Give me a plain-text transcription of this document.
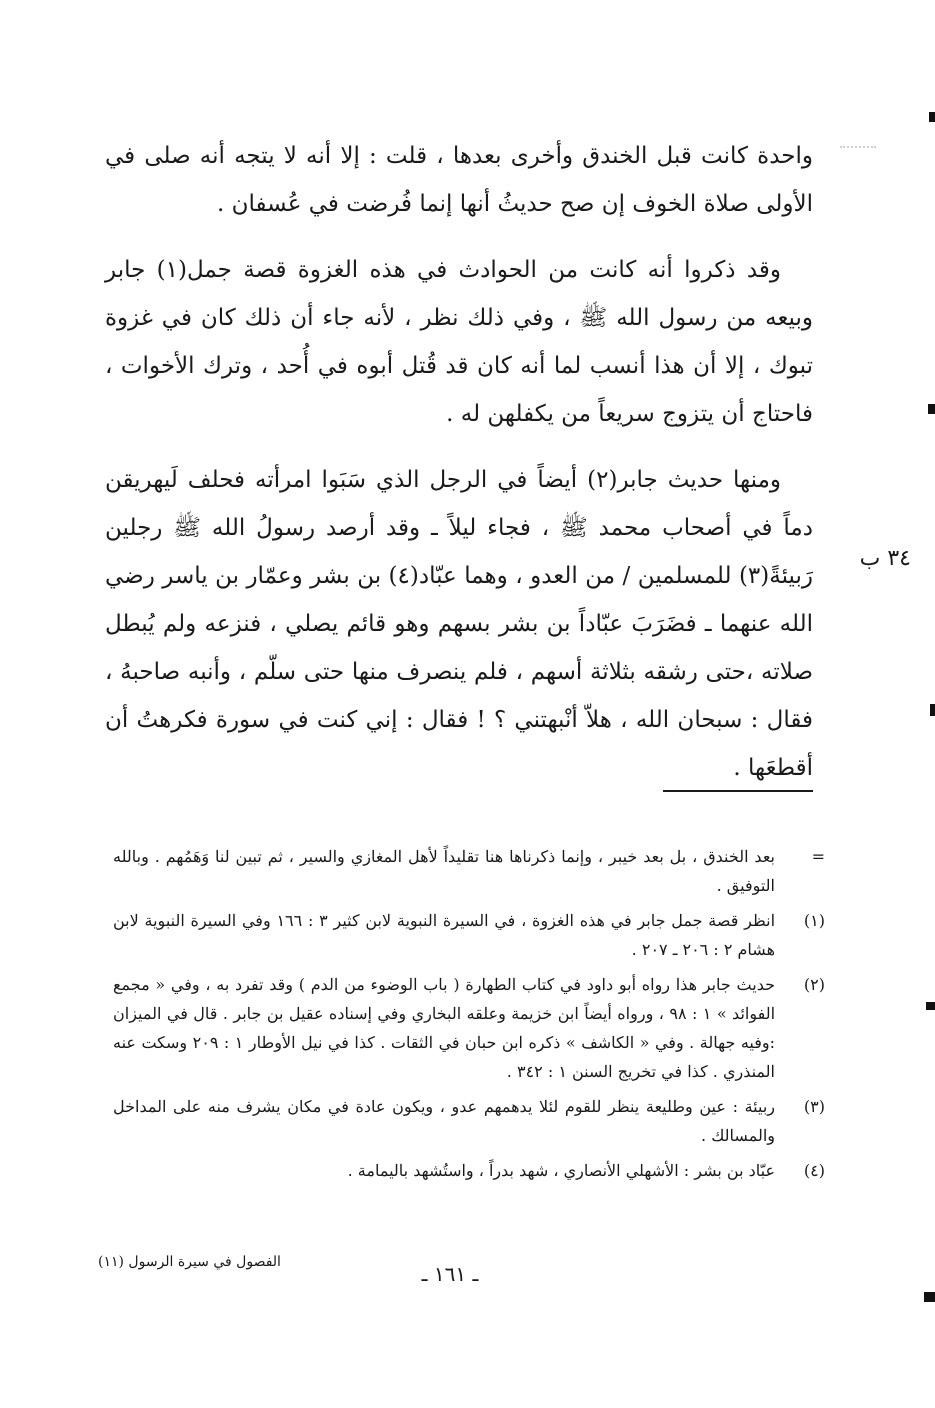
واحدة كانت قبل الخندق وأخرى بعدها ، قلت : إلا أنه لا يتجه أنه صلى في الأولى صلاة الخوف إن صح حديثُ أنها إنما فُرضت في عُسفان .

وقد ذكروا أنه كانت من الحوادث في هذه الغزوة قصة جمل(١) جابر وبيعه من رسول الله ﷺ ، وفي ذلك نظر ، لأنه جاء أن ذلك كان في غزوة تبوك ، إلا أن هذا أنسب لما أنه كان قد قُتل أبوه في أُحد ، وترك الأخوات ، فاحتاج أن يتزوج سريعاً من يكفلهن له .

ومنها حديث جابر(٢) أيضاً في الرجل الذي سَبَوا امرأته فحلف لَيهريقن دماً في أصحاب محمد ﷺ ، فجاء ليلاً ـ وقد أرصد رسولُ الله ﷺ رجلين رَبيئةً(٣) للمسلمين / من العدو ، وهما عبّاد(٤) بن بشر وعمّار بن ياسر رضي الله عنهما ـ فضَرَبَ عبّاداً بن بشر بسهم وهو قائم يصلي ، فنزعه ولم يُبطل صلاته ،حتى رشقه بثلاثة أسهم ، فلم ينصرف منها حتى سلّم ، وأنبه صاحبهُ ، فقال : سبحان الله ، هلاّ أنْبهتني ؟ ! فقال : إني كنت في سورة فكرهتُ أن أقطعَها .

٣٤ ب
=
بعد الخندق ، بل بعد خيبر ، وإنما ذكرناها هنا تقليداً لأهل المغازي والسير ، ثم تبين لنا وَهَمُهم . وبالله التوفيق .
(١)
انظر قصة جمل جابر في هذه الغزوة ، في السيرة النبوية لابن كثير ٣ : ١٦٦ وفي السيرة النبوية لابن هشام ٢ : ٢٠٦ ـ ٢٠٧ .
(٢)
حديث جابر هذا رواه أبو داود في كتاب الطهارة ( باب الوضوء من الدم ) وقد تفرد به ، وفي « مجمع الفوائد » ١ : ٩٨ ، ورواه أيضاً ابن خزيمة وعلقه البخاري وفي إسناده عقيل بن جابر . قال في الميزان :وفيه جهالة . وفي « الكاشف » ذكره ابن حبان في الثقات . كذا في نيل الأوطار ١ : ٢٠٩ وسكت عنه المنذري . كذا في تخريج السنن ١ : ٣٤٢ .
(٣)
ربيئة : عين وطليعة ينظر للقوم لئلا يدهمهم عدو ، ويكون عادة في مكان يشرف منه على المداخل والمسالك .
(٤)
عبّاد بن بشر : الأشهلي الأنصاري ، شهد بدراً ، واستُشهد باليمامة .
الفصول في سيرة الرسول (١١)	ـ ١٦١ ـ
